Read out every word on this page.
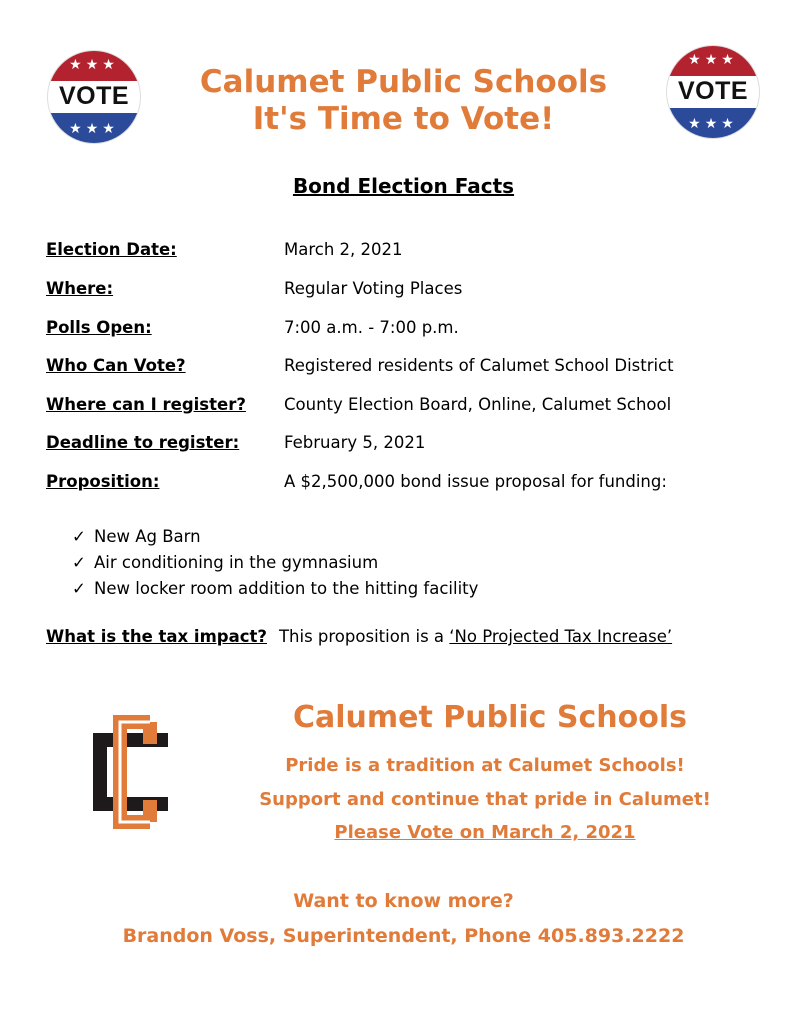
★★★
VOTE
★★★
★★★
VOTE
★★★
Calumet Public Schools
It's Time to Vote!
Bond Election Facts
Election Date:	March 2, 2021
Where:	Regular Voting Places
Polls Open:	7:00 a.m. - 7:00 p.m.
Who Can Vote?	Registered residents of Calumet School District
Where can I register? County Election Board, Online, Calumet School
Deadline to register:	February 5, 2021
Proposition:	A $2,500,000 bond issue proposal for funding:
✓ New Ag Barn
✓ Air conditioning in the gymnasium
✓ New locker room addition to the hitting facility
What is the tax impact? This proposition is a ‘No Projected Tax Increase’
Calumet Public Schools
Pride is a tradition at Calumet Schools!
Support and continue that pride in Calumet!
Please Vote on March 2, 2021
Want to know more?
Brandon Voss, Superintendent, Phone 405.893.2222
